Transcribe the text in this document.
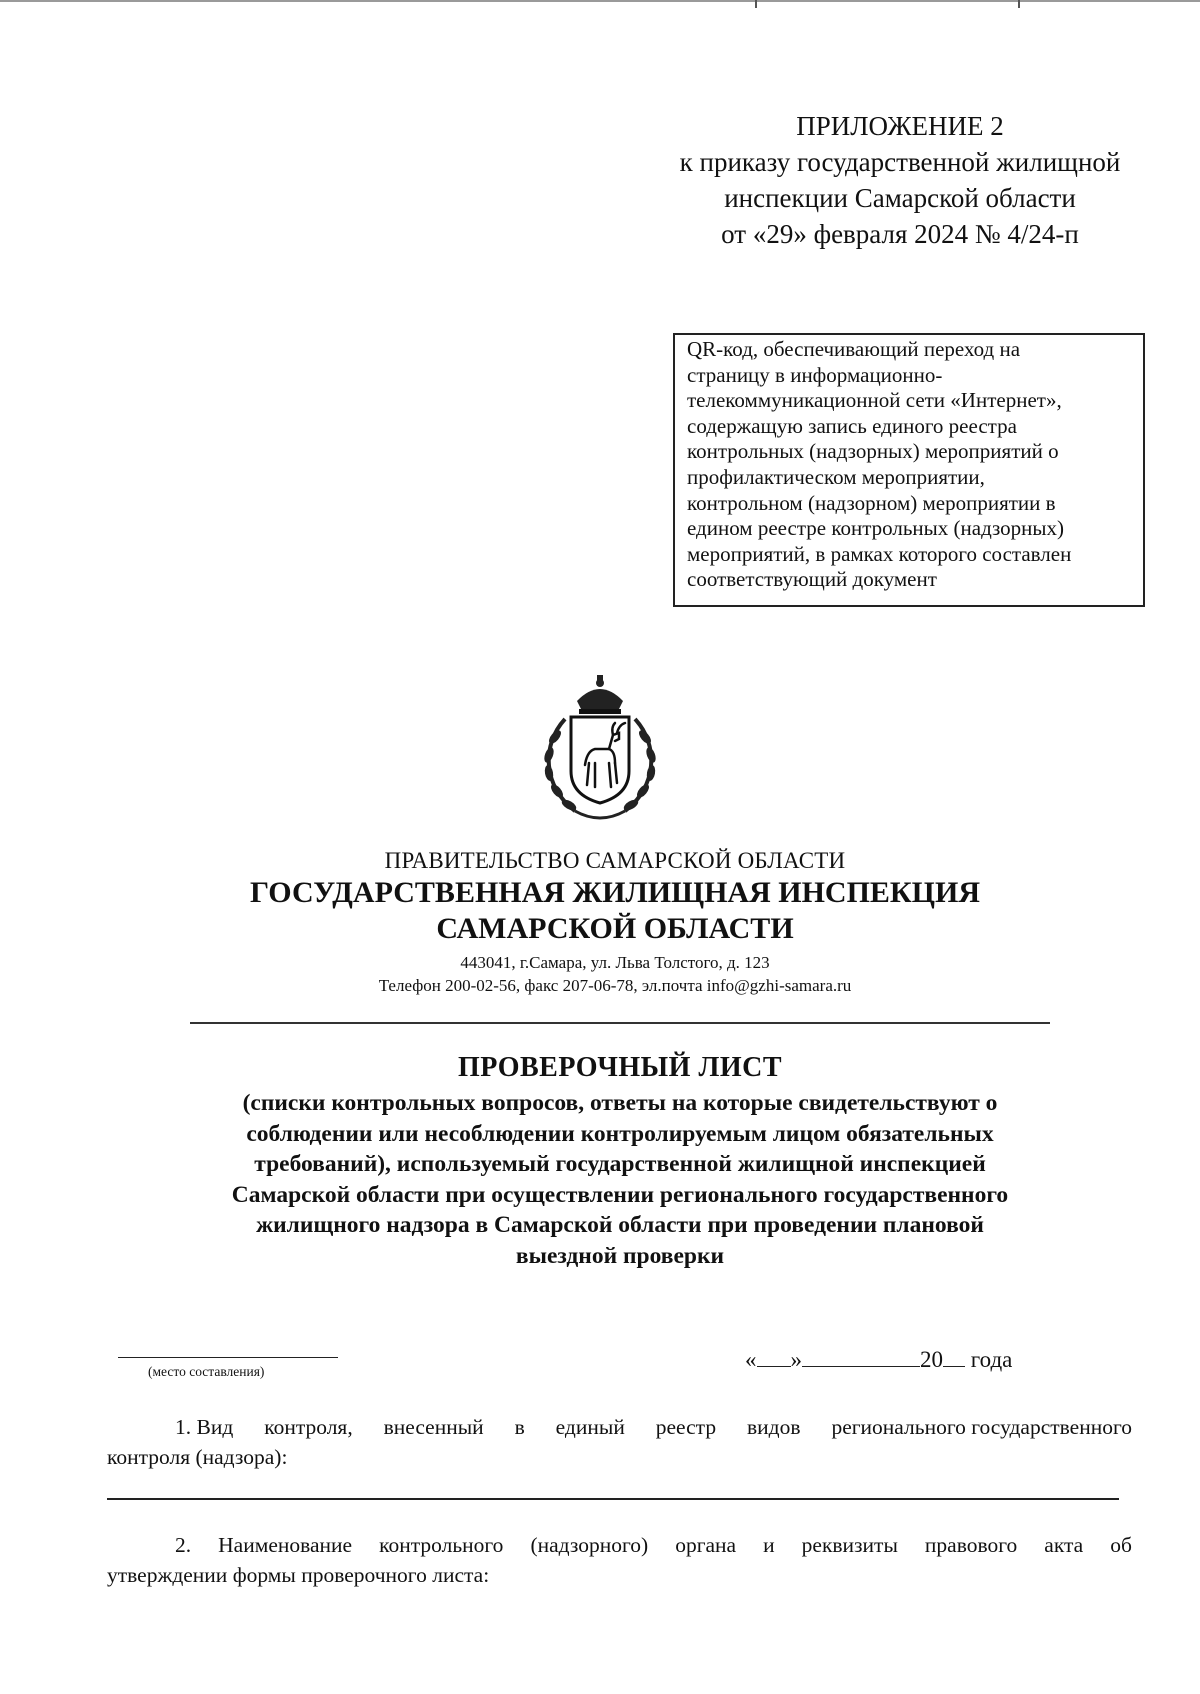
ПРИЛОЖЕНИЕ 2
к приказу государственной жилищной
инспекции Самарской области
от «29» февраля 2024 № 4/24-п
QR-код, обеспечивающий переход на
страницу в информационно-
телекоммуникационной сети «Интернет»,
содержащую запись единого реестра
контрольных (надзорных) мероприятий о
профилактическом мероприятии,
контрольном (надзорном) мероприятии в
едином реестре контрольных (надзорных)
мероприятий, в рамках которого составлен
соответствующий документ
ПРАВИТЕЛЬСТВО САМАРСКОЙ ОБЛАСТИ
ГОСУДАРСТВЕННАЯ ЖИЛИЩНАЯ ИНСПЕКЦИЯ
САМАРСКОЙ ОБЛАСТИ
443041, г.Самара, ул. Льва Толстого, д. 123
Телефон 200-02-56, факс 207-06-78, эл.почта info@gzhi-samara.ru
ПРОВЕРОЧНЫЙ ЛИСТ
(списки контрольных вопросов, ответы на которые свидетельствуют о
соблюдении или несоблюдении контролируемым лицом обязательных
требований), используемый государственной жилищной инспекцией
Самарской области при осуществлении регионального государственного
жилищного надзора в Самарской области при проведении плановой
выездной проверки
(место составления)	« »	20 года
1. Вид контроля, внесенный в единый реестр видов регионального государственного
контроля (надзора):
2. Наименование контрольного (надзорного) органа и реквизиты правового акта об
утверждении формы проверочного листа:
